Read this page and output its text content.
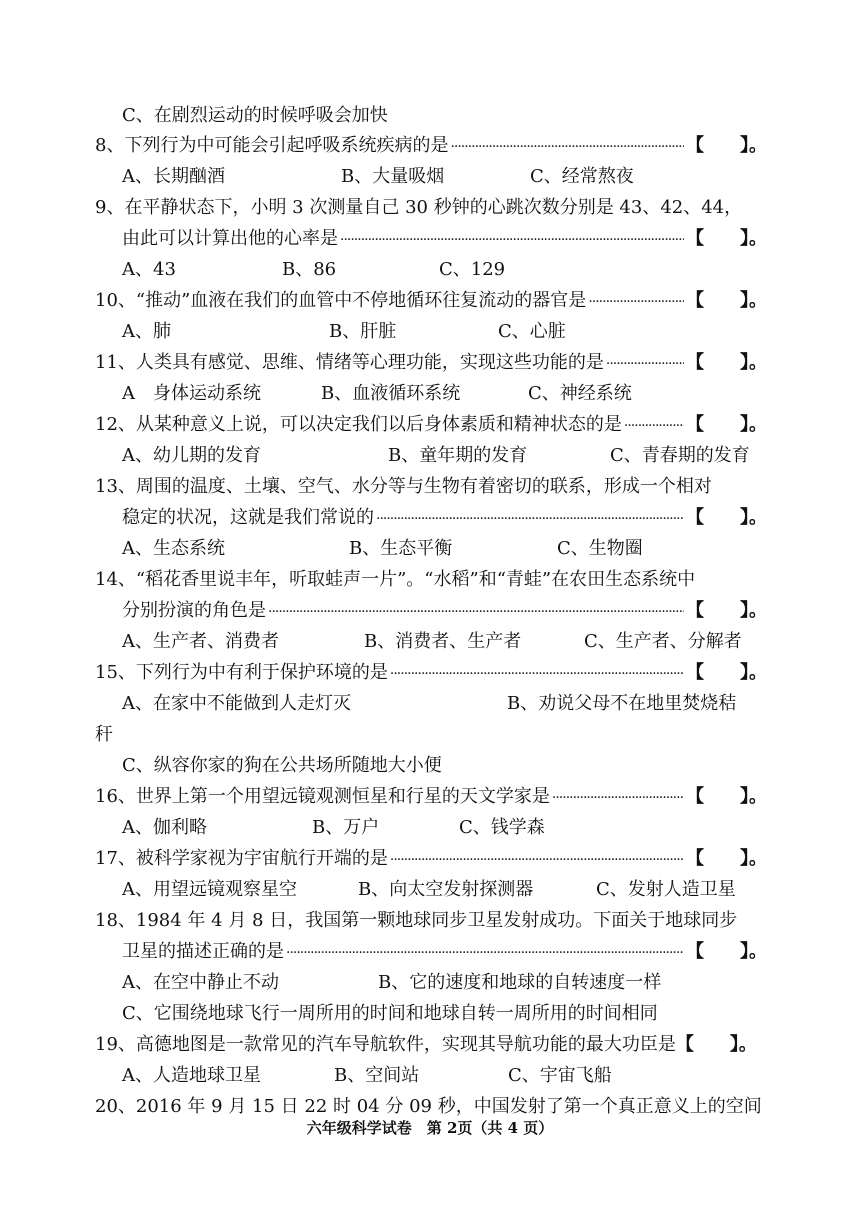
C、在剧烈运动的时候呼吸会加快
8、下列行为中可能会引起呼吸系统疾病的是 ·····	【　　】。
A、长期酗酒	B、大量吸烟	C、经常熬夜
9、在平静状态下，小明 3 次测量自己 30 秒钟的心跳次数分别是 43、42、44，
由此可以计算出他的心率是 ·····	【　　】。
A、43	B、86	C、129
10、“推动”血液在我们的血管中不停地循环往复流动的器官是 ·····	【　　】。
A、肺	B、肝脏	C、心脏
11、人类具有感觉、思维、情绪等心理功能，实现这些功能的是 ·····	【　　】。
A　身体运动系统	B、血液循环系统	C、神经系统
12、从某种意义上说，可以决定我们以后身体素质和精神状态的是 ·····	【　　】。
A、幼儿期的发育	B、童年期的发育	C、青春期的发育
13、周围的温度、土壤、空气、水分等与生物有着密切的联系，形成一个相对
稳定的状况，这就是我们常说的 ·····	【　　】。
A、生态系统	B、生态平衡	C、生物圈
14、“稻花香里说丰年，听取蛙声一片”。“水稻”和“青蛙”在农田生态系统中
分别扮演的角色是 ·····	【　　】。
A、生产者、消费者	B、消费者、生产者	C、生产者、分解者
15、下列行为中有利于保护环境的是 ·····	【　　】。
A、在家中不能做到人走灯灭	B、劝说父母不在地里焚烧秸
秆
C、纵容你家的狗在公共场所随地大小便
16、世界上第一个用望远镜观测恒星和行星的天文学家是 ·····	【　　】。
A、伽利略	B、万户	C、钱学森
17、被科学家视为宇宙航行开端的是 ·····	【　　】。
A、用望远镜观察星空	B、向太空发射探测器	C、发射人造卫星
18、1984 年 4 月 8 日，我国第一颗地球同步卫星发射成功。下面关于地球同步
卫星的描述正确的是 ·····	【　　】。
A、在空中静止不动	B、它的速度和地球的自转速度一样
C、它围绕地球飞行一周所用的时间和地球自转一周所用的时间相同
19、高德地图是一款常见的汽车导航软件，实现其导航功能的最大功臣是 【　　】。
A、人造地球卫星	B、空间站	C、宇宙飞船
20、2016 年 9 月 15 日 22 时 04 分 09 秒，中国发射了第一个真正意义上的空间
六年级科学试卷　第 2页（共 4 页）
